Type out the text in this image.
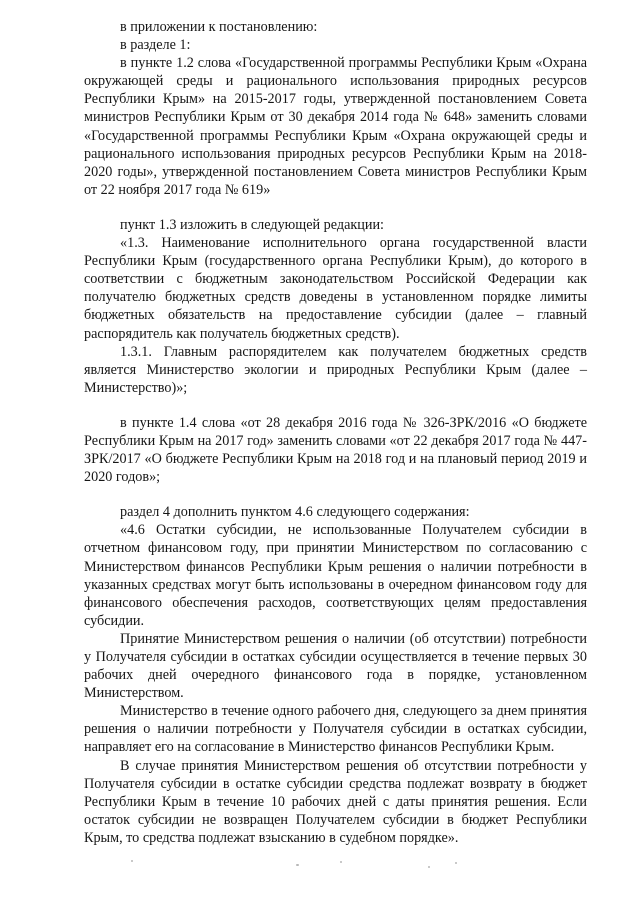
в приложении к постановлению:

в разделе 1:

в пункте 1.2 слова «Государственной программы Республики Крым «Охрана окружающей среды и рационального использования природных ресурсов Республики Крым» на 2015-2017 годы, утвержденной постановлением Совета министров Республики Крым от 30 декабря 2014 года № 648» заменить словами «Государственной программы Республики Крым «Охрана окружающей среды и рационального использования природных ресурсов Республики Крым на 2018-2020 годы», утвержденной постановлением Совета министров Республики Крым от 22 ноября 2017 года № 619»

пункт 1.3 изложить в следующей редакции:

«1.3. Наименование исполнительного органа государственной власти Республики Крым (государственного органа Республики Крым), до которого в соответствии с бюджетным законодательством Российской Федерации как получателю бюджетных средств доведены в установленном порядке лимиты бюджетных обязательств на предоставление субсидии (далее – главный распорядитель как получатель бюджетных средств).

1.3.1. Главным распорядителем как получателем бюджетных средств является Министерство экологии и природных Республики Крым (далее – Министерство)»;

в пункте 1.4 слова «от 28 декабря 2016 года № 326-ЗРК/2016 «О бюджете Республики Крым на 2017 год» заменить словами «от 22 декабря 2017 года № 447-ЗРК/2017 «О бюджете Республики Крым на 2018 год и на плановый период 2019 и 2020 годов»;

раздел 4 дополнить пунктом 4.6 следующего содержания:

«4.6 Остатки субсидии, не использованные Получателем субсидии в отчетном финансовом году, при принятии Министерством по согласованию с Министерством финансов Республики Крым решения о наличии потребности в указанных средствах могут быть использованы в очередном финансовом году для финансового обеспечения расходов, соответствующих целям предоставления субсидии.

Принятие Министерством решения о наличии (об отсутствии) потребности у Получателя субсидии в остатках субсидии осуществляется в течение первых 30 рабочих дней очередного финансового года в порядке, установленном Министерством.

Министерство в течение одного рабочего дня, следующего за днем принятия решения о наличии потребности у Получателя субсидии в остатках субсидии, направляет его на согласование в Министерство финансов Республики Крым.

В случае принятия Министерством решения об отсутствии потребности у Получателя субсидии в остатке субсидии средства подлежат возврату в бюджет Республики Крым в течение 10 рабочих дней с даты принятия решения. Если остаток субсидии не возвращен Получателем субсидии в бюджет Республики Крым, то средства подлежат взысканию в судебном порядке».
